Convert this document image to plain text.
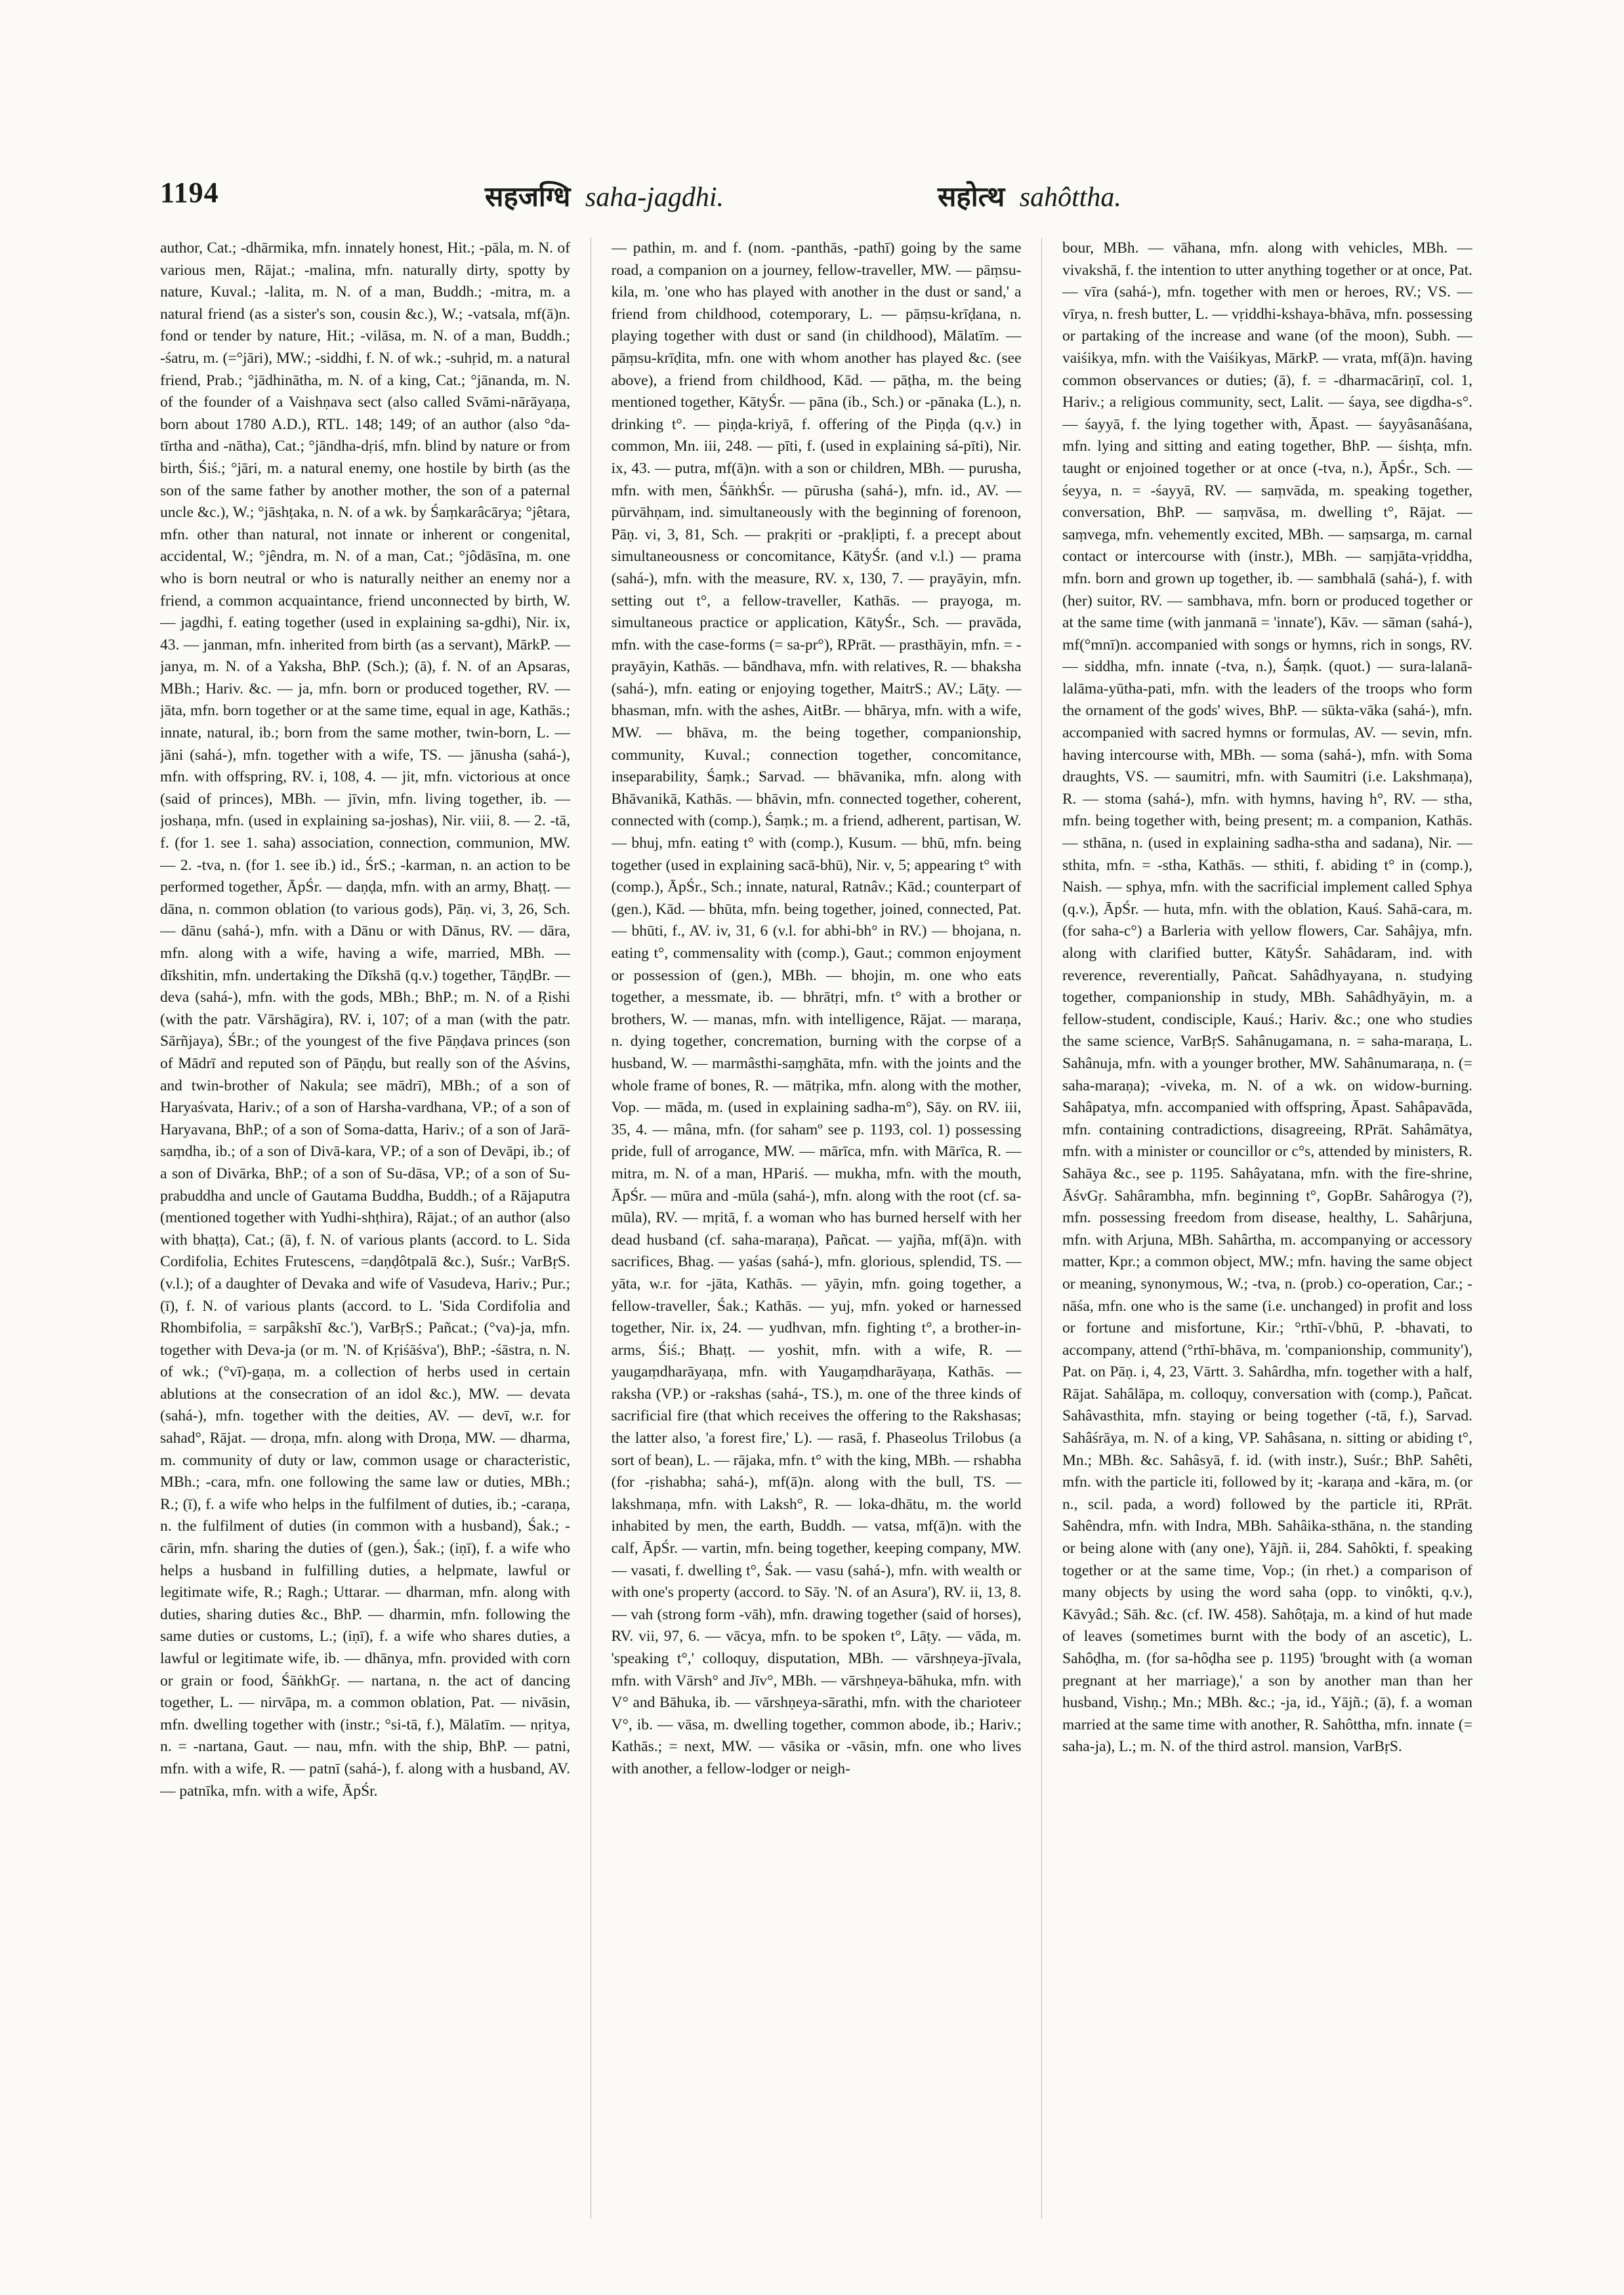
1194	सहजग्धि saha-jagdhi.	सहोत्थ sahôttha.

author, Cat.; -dhārmika, mfn. innately honest, Hit.; -pāla, m. N. of various men, Rājat.; -malina, mfn. naturally dirty, spotty by nature, Kuval.; -lalita, m. N. of a man, Buddh.; -mitra, m. a natural friend (as a sister's son, cousin &c.), W.; -vatsala, mf(ā)n. fond or tender by nature, Hit.; -vilāsa, m. N. of a man, Buddh.; -śatru, m. (=°jāri), MW.; -siddhi, f. N. of wk.; -suhṛid, m. a natural friend, Prab.; °jādhinātha, m. N. of a king, Cat.; °jānanda, m. N. of the founder of a Vaishṇava sect (also called Svāmi-nārāyaṇa, born about 1780 A.D.), RTL. 148; 149; of an author (also °da-tīrtha and -nātha), Cat.; °jāndha-dṛiś, mfn. blind by nature or from birth, Śiś.; °jāri, m. a natural enemy, one hostile by birth (as the son of the same father by another mother, the son of a paternal uncle &c.), W.; °jāshṭaka, n. N. of a wk. by Śaṃkarâcārya; °jêtara, mfn. other than natural, not innate or inherent or congenital, accidental, W.; °jêndra, m. N. of a man, Cat.; °jôdāsīna, m. one who is born neutral or who is naturally neither an enemy nor a friend, a common acquaintance, friend unconnected by birth, W. — jagdhi, f. eating together (used in explaining sa-gdhi), Nir. ix, 43. — janman, mfn. inherited from birth (as a servant), MārkP. — janya, m. N. of a Yaksha, BhP. (Sch.); (ā), f. N. of an Apsaras, MBh.; Hariv. &c. — ja, mfn. born or produced together, RV. — jāta, mfn. born together or at the same time, equal in age, Kathās.; innate, natural, ib.; born from the same mother, twin-born, L. — jāni (sahá-), mfn. together with a wife, TS. — jānusha (sahá-), mfn. with offspring, RV. i, 108, 4. — jit, mfn. victorious at once (said of princes), MBh. — jīvin, mfn. living together, ib. — joshaṇa, mfn. (used in explaining sa-joshas), Nir. viii, 8. — 2. -tā, f. (for 1. see 1. saha) association, connection, communion, MW. — 2. -tva, n. (for 1. see ib.) id., ŚrS.; -karman, n. an action to be performed together, ĀpŚr. — daṇḍa, mfn. with an army, Bhaṭṭ. — dāna, n. common oblation (to various gods), Pāṇ. vi, 3, 26, Sch. — dānu (sahá-), mfn. with a Dānu or with Dānus, RV. — dāra, mfn. along with a wife, having a wife, married, MBh. — dīkshitin, mfn. undertaking the Dīkshā (q.v.) together, TāṇḍBr. — deva (sahá-), mfn. with the gods, MBh.; BhP.; m. N. of a Ṛishi (with the patr. Vārshāgira), RV. i, 107; of a man (with the patr. Sārñjaya), ŚBr.; of the youngest of the five Pāṇḍava princes (son of Mādrī and reputed son of Pāṇḍu, but really son of the Aśvins, and twin-brother of Nakula; see mādrī), MBh.; of a son of Haryaśvata, Hariv.; of a son of Harsha-vardhana, VP.; of a son of Haryavana, BhP.; of a son of Soma-datta, Hariv.; of a son of Jarā-saṃdha, ib.; of a son of Divā-kara, VP.; of a son of Devāpi, ib.; of a son of Divārka, BhP.; of a son of Su-dāsa, VP.; of a son of Su-prabuddha and uncle of Gautama Buddha, Buddh.; of a Rājaputra (mentioned together with Yudhi-shṭhira), Rājat.; of an author (also with bhaṭṭa), Cat.; (ā), f. N. of various plants (accord. to L. Sida Cordifolia, Echites Frutescens, =daṇḍôtpalā &c.), Suśr.; VarBṛS. (v.l.); of a daughter of Devaka and wife of Vasudeva, Hariv.; Pur.; (ī), f. N. of various plants (accord. to L. 'Sida Cordifolia and Rhombifolia, = sarpâkshī &c.'), VarBṛS.; Pañcat.; (°va)-ja, mfn. together with Deva-ja (or m. 'N. of Kṛiśāśva'), BhP.; -śāstra, n. N. of wk.; (°vī)-gaṇa, m. a collection of herbs used in certain ablutions at the consecration of an idol &c.), MW. — devata (sahá-), mfn. together with the deities, AV. — devī, w.r. for sahad°, Rājat. — droṇa, mfn. along with Droṇa, MW. — dharma, m. community of duty or law, common usage or characteristic, MBh.; -cara, mfn. one following the same law or duties, MBh.; R.; (ī), f. a wife who helps in the fulfilment of duties, ib.; -caraṇa, n. the fulfilment of duties (in common with a husband), Śak.; -cārin, mfn. sharing the duties of (gen.), Śak.; (iṇī), f. a wife who helps a husband in fulfilling duties, a helpmate, lawful or legitimate wife, R.; Ragh.; Uttarar. — dharman, mfn. along with duties, sharing duties &c., BhP. — dharmin, mfn. following the same duties or customs, L.; (iṇī), f. a wife who shares duties, a lawful or legitimate wife, ib. — dhānya, mfn. provided with corn or grain or food, ŚāṅkhGṛ. — nartana, n. the act of dancing together, L. — nirvāpa, m. a common oblation, Pat. — nivāsin, mfn. dwelling together with (instr.; °si-tā, f.), Mālatīm. — nṛitya, n. = -nartana, Gaut. — nau, mfn. with the ship, BhP. — patni, mfn. with a wife, R. — patnī (sahá-), f. along with a husband, AV. — patnīka, mfn. with a wife, ĀpŚr.

— pathin, m. and f. (nom. -panthās, -pathī) going by the same road, a companion on a journey, fellow-traveller, MW. — pāṃsu-kila, m. 'one who has played with another in the dust or sand,' a friend from childhood, cotemporary, L. — pāṃsu-krīḍana, n. playing together with dust or sand (in childhood), Mālatīm. — pāṃsu-krīḍita, mfn. one with whom another has played &c. (see above), a friend from childhood, Kād. — pāṭha, m. the being mentioned together, KātyŚr. — pāna (ib., Sch.) or -pānaka (L.), n. drinking t°. — piṇḍa-kriyā, f. offering of the Piṇḍa (q.v.) in common, Mn. iii, 248. — pīti, f. (used in explaining sá-pīti), Nir. ix, 43. — putra, mf(ā)n. with a son or children, MBh. — purusha, mfn. with men, ŚāṅkhŚr. — pūrusha (sahá-), mfn. id., AV. — pūrvāhṇam, ind. simultaneously with the beginning of forenoon, Pāṇ. vi, 3, 81, Sch. — prakṛiti or -prakḷipti, f. a precept about simultaneousness or concomitance, KātyŚr. (and v.l.) — prama (sahá-), mfn. with the measure, RV. x, 130, 7. — prayāyin, mfn. setting out t°, a fellow-traveller, Kathās. — prayoga, m. simultaneous practice or application, KātyŚr., Sch. — pravāda, mfn. with the case-forms (= sa-pr°), RPrāt. — prasthāyin, mfn. = -prayāyin, Kathās. — bāndhava, mfn. with relatives, R. — bhaksha (sahá-), mfn. eating or enjoying together, MaitrS.; AV.; Lāṭy. — bhasman, mfn. with the ashes, AitBr. — bhārya, mfn. with a wife, MW. — bhāva, m. the being together, companionship, community, Kuval.; connection together, concomitance, inseparability, Śaṃk.; Sarvad. — bhāvanika, mfn. along with Bhāvanikā, Kathās. — bhāvin, mfn. connected together, coherent, connected with (comp.), Śaṃk.; m. a friend, adherent, partisan, W. — bhuj, mfn. eating t° with (comp.), Kusum. — bhū, mfn. being together (used in explaining sacā-bhū), Nir. v, 5; appearing t° with (comp.), ĀpŚr., Sch.; innate, natural, Ratnâv.; Kād.; counterpart of (gen.), Kād. — bhūta, mfn. being together, joined, connected, Pat. — bhūti, f., AV. iv, 31, 6 (v.l. for abhi-bh° in RV.) — bhojana, n. eating t°, commensality with (comp.), Gaut.; common enjoyment or possession of (gen.), MBh. — bhojin, m. one who eats together, a messmate, ib. — bhrātṛi, mfn. t° with a brother or brothers, W. — manas, mfn. with intelligence, Rājat. — maraṇa, n. dying together, concremation, burning with the corpse of a husband, W. — marmâsthi-saṃghāta, mfn. with the joints and the whole frame of bones, R. — mātṛika, mfn. along with the mother, Vop. — māda, m. (used in explaining sadha-m°), Sāy. on RV. iii, 35, 4. — mâna, mfn. (for sahamº see p. 1193, col. 1) possessing pride, full of arrogance, MW. — mārīca, mfn. with Mārīca, R. — mitra, m. N. of a man, HPariś. — mukha, mfn. with the mouth, ĀpŚr. — mūra and -mūla (sahá-), mfn. along with the root (cf. sa-mūla), RV. — mṛitā, f. a woman who has burned herself with her dead husband (cf. saha-maraṇa), Pañcat. — yajña, mf(ā)n. with sacrifices, Bhag. — yaśas (sahá-), mfn. glorious, splendid, TS. — yāta, w.r. for -jāta, Kathās. — yāyin, mfn. going together, a fellow-traveller, Śak.; Kathās. — yuj, mfn. yoked or harnessed together, Nir. ix, 24. — yudhvan, mfn. fighting t°, a brother-in-arms, Śiś.; Bhaṭṭ. — yoshit, mfn. with a wife, R. — yaugaṃdharāyaṇa, mfn. with Yaugaṃdharāyaṇa, Kathās. — raksha (VP.) or -rakshas (sahá-, TS.), m. one of the three kinds of sacrificial fire (that which receives the offering to the Rakshasas; the latter also, 'a forest fire,' L). — rasā, f. Phaseolus Trilobus (a sort of bean), L. — rājaka, mfn. t° with the king, MBh. — rshabha (for -ṛishabha; sahá-), mf(ā)n. along with the bull, TS. — lakshmaṇa, mfn. with Laksh°, R. — loka-dhātu, m. the world inhabited by men, the earth, Buddh. — vatsa, mf(ā)n. with the calf, ĀpŚr. — vartin, mfn. being together, keeping company, MW. — vasati, f. dwelling t°, Śak. — vasu (sahá-), mfn. with wealth or with one's property (accord. to Sāy. 'N. of an Asura'), RV. ii, 13, 8. — vah (strong form -vāh), mfn. drawing together (said of horses), RV. vii, 97, 6. — vācya, mfn. to be spoken t°, Lāṭy. — vāda, m. 'speaking t°,' colloquy, disputation, MBh. — vārshṇeya-jīvala, mfn. with Vārsh° and Jīv°, MBh. — vārshṇeya-bāhuka, mfn. with V° and Bāhuka, ib. — vārshṇeya-sārathi, mfn. with the charioteer V°, ib. — vāsa, m. dwelling together, common abode, ib.; Hariv.; Kathās.; = next, MW. — vāsika or -vāsin, mfn. one who lives with another, a fellow-lodger or neigh-

bour, MBh. — vāhana, mfn. along with vehicles, MBh. — vivakshā, f. the intention to utter anything together or at once, Pat. — vīra (sahá-), mfn. together with men or heroes, RV.; VS. — vīrya, n. fresh butter, L. — vṛiddhi-kshaya-bhāva, mfn. possessing or partaking of the increase and wane (of the moon), Subh. — vaiśikya, mfn. with the Vaiśikyas, MārkP. — vrata, mf(ā)n. having common observances or duties; (ā), f. = -dharmacāriṇī, col. 1, Hariv.; a religious community, sect, Lalit. — śaya, see digdha-s°. — śayyā, f. the lying together with, Āpast. — śayyâsanâśana, mfn. lying and sitting and eating together, BhP. — śishṭa, mfn. taught or enjoined together or at once (-tva, n.), ĀpŚr., Sch. — śeyya, n. = -śayyā, RV. — saṃvāda, m. speaking together, conversation, BhP. — saṃvāsa, m. dwelling t°, Rājat. — saṃvega, mfn. vehemently excited, MBh. — saṃsarga, m. carnal contact or intercourse with (instr.), MBh. — saṃjāta-vṛiddha, mfn. born and grown up together, ib. — sambhalā (sahá-), f. with (her) suitor, RV. — sambhava, mfn. born or produced together or at the same time (with janmanā = 'innate'), Kāv. — sāman (sahá-), mf(°mnī)n. accompanied with songs or hymns, rich in songs, RV. — siddha, mfn. innate (-tva, n.), Śaṃk. (quot.) — sura-lalanā-lalāma-yūtha-pati, mfn. with the leaders of the troops who form the ornament of the gods' wives, BhP. — sūkta-vāka (sahá-), mfn. accompanied with sacred hymns or formulas, AV. — sevin, mfn. having intercourse with, MBh. — soma (sahá-), mfn. with Soma draughts, VS. — saumitri, mfn. with Saumitri (i.e. Lakshmaṇa), R. — stoma (sahá-), mfn. with hymns, having h°, RV. — stha, mfn. being together with, being present; m. a companion, Kathās. — sthāna, n. (used in explaining sadha-stha and sadana), Nir. — sthita, mfn. = -stha, Kathās. — sthiti, f. abiding t° in (comp.), Naish. — sphya, mfn. with the sacrificial implement called Sphya (q.v.), ĀpŚr. — huta, mfn. with the oblation, Kauś. Sahā-cara, m. (for saha-c°) a Barleria with yellow flowers, Car. Sahâjya, mfn. along with clarified butter, KātyŚr. Sahâdaram, ind. with reverence, reverentially, Pañcat. Sahâdhyayana, n. studying together, companionship in study, MBh. Sahâdhyāyin, m. a fellow-student, condisciple, Kauś.; Hariv. &c.; one who studies the same science, VarBṛS. Sahânugamana, n. = saha-maraṇa, L. Sahânuja, mfn. with a younger brother, MW. Sahânumaraṇa, n. (= saha-maraṇa); -viveka, m. N. of a wk. on widow-burning. Sahâpatya, mfn. accompanied with offspring, Āpast. Sahâpavāda, mfn. containing contradictions, disagreeing, RPrāt. Sahâmātya, mfn. with a minister or councillor or c°s, attended by ministers, R. Sahāya &c., see p. 1195. Sahâyatana, mfn. with the fire-shrine, ĀśvGṛ. Sahârambha, mfn. beginning t°, GopBr. Sahârogya (?), mfn. possessing freedom from disease, healthy, L. Sahârjuna, mfn. with Arjuna, MBh. Sahârtha, m. accompanying or accessory matter, Kpr.; a common object, MW.; mfn. having the same object or meaning, synonymous, W.; -tva, n. (prob.) co-operation, Car.; -nāśa, mfn. one who is the same (i.e. unchanged) in profit and loss or fortune and misfortune, Kir.; °rthī-√bhū, P. -bhavati, to accompany, attend (°rthī-bhāva, m. 'companionship, community'), Pat. on Pāṇ. i, 4, 23, Vārtt. 3. Sahârdha, mfn. together with a half, Rājat. Sahâlāpa, m. colloquy, conversation with (comp.), Pañcat. Sahâvasthita, mfn. staying or being together (-tā, f.), Sarvad. Sahâśrāya, m. N. of a king, VP. Sahâsana, n. sitting or abiding t°, Mn.; MBh. &c. Sahâsyā, f. id. (with instr.), Suśr.; BhP. Sahêti, mfn. with the particle iti, followed by it; -karaṇa and -kāra, m. (or n., scil. pada, a word) followed by the particle iti, RPrāt. Sahêndra, mfn. with Indra, MBh. Sahâika-sthāna, n. the standing or being alone with (any one), Yājñ. ii, 284. Sahôkti, f. speaking together or at the same time, Vop.; (in rhet.) a comparison of many objects by using the word saha (opp. to vinôkti, q.v.), Kāvyâd.; Sāh. &c. (cf. IW. 458). Sahôṭaja, m. a kind of hut made of leaves (sometimes burnt with the body of an ascetic), L. Sahôḍha, m. (for sa-hôḍha see p. 1195) 'brought with (a woman pregnant at her marriage),' a son by another man than her husband, Vishṇ.; Mn.; MBh. &c.; -ja, id., Yājñ.; (ā), f. a woman married at the same time with another, R. Sahôttha, mfn. innate (= saha-ja), L.; m. N. of the third astrol. mansion, VarBṛS.
